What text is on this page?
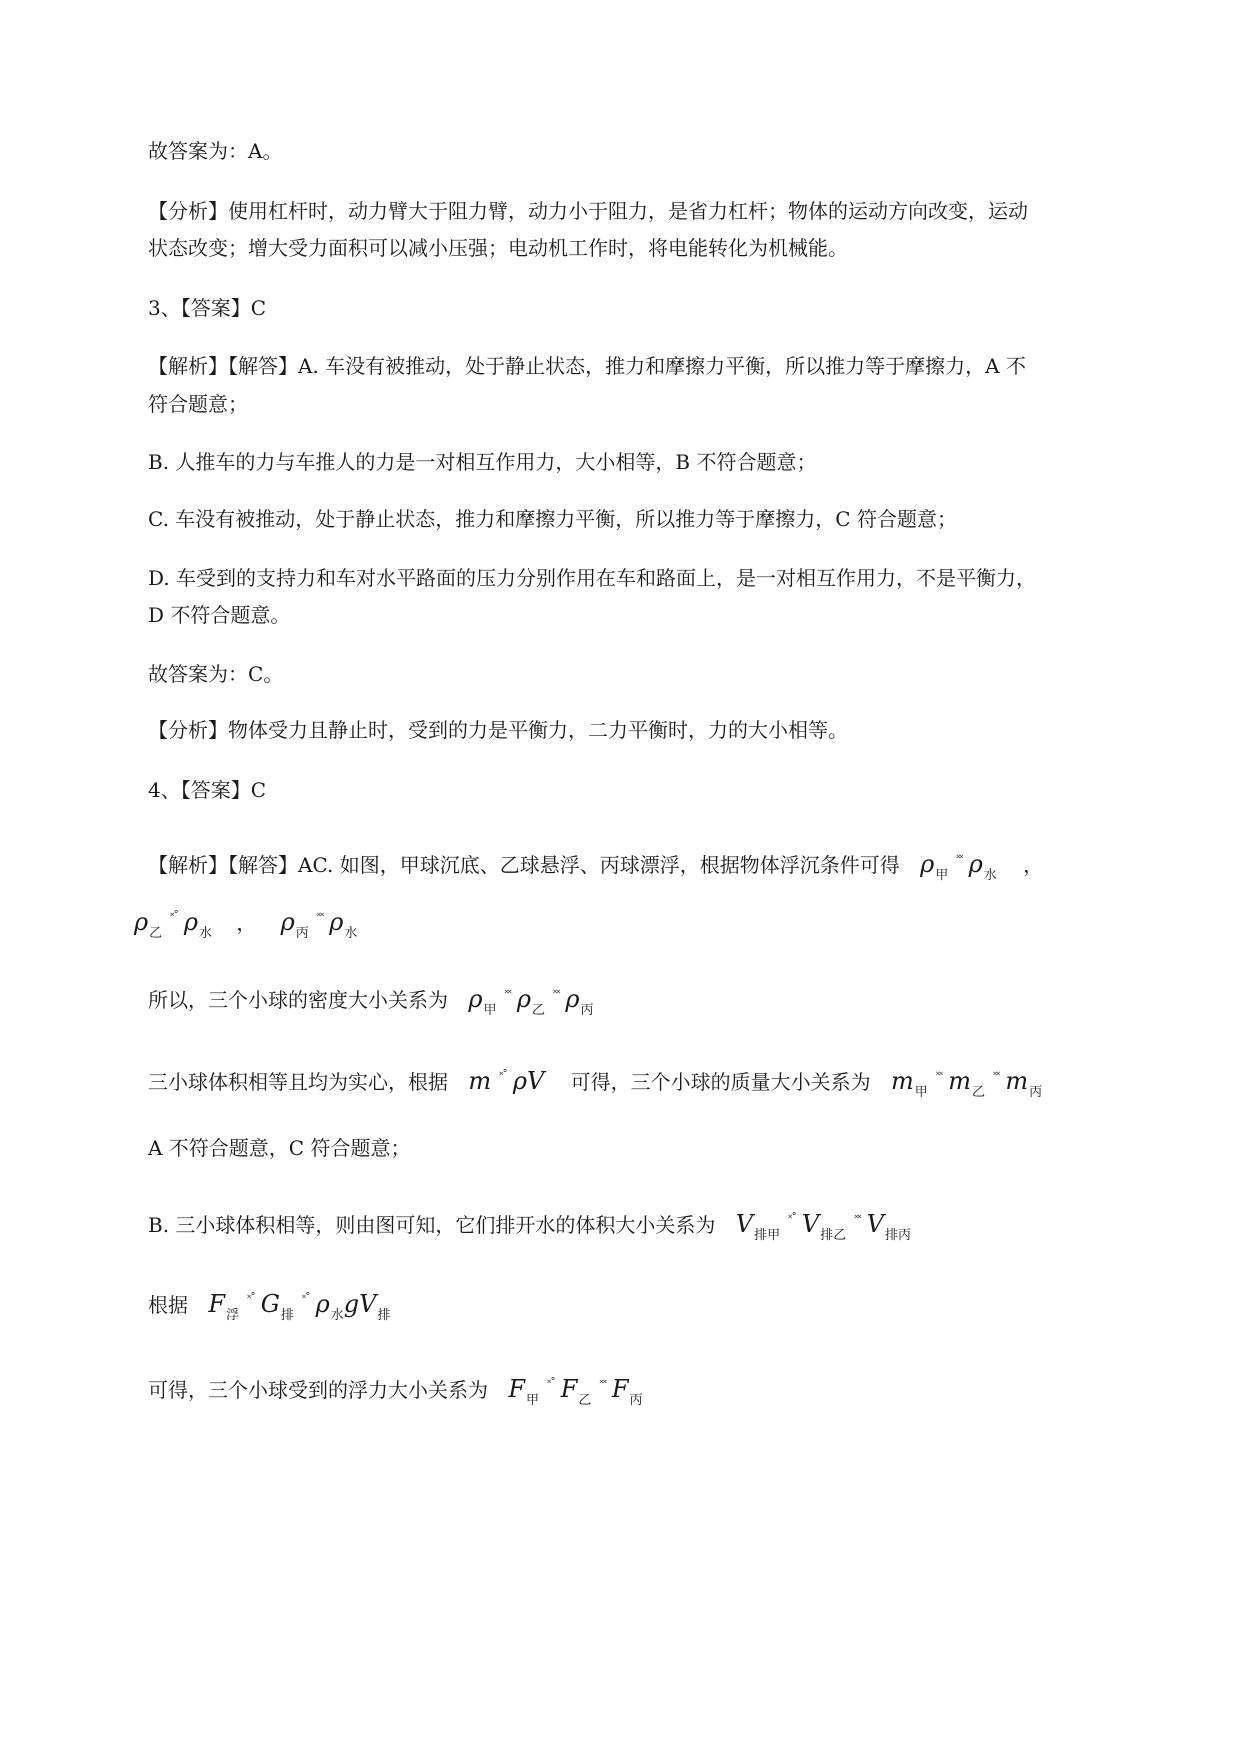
故答案为：A。
【分析】使用杠杆时，动力臂大于阻力臂，动力小于阻力，是省力杠杆；物体的运动方向改变，运动
状态改变；增大受力面积可以减小压强；电动机工作时，将电能转化为机械能。
3、【答案】C
【解析】【解答】A. 车没有被推动，处于静止状态，推力和摩擦力平衡，所以推力等于摩擦力，A 不
符合题意；
B. 人推车的力与车推人的力是一对相互作用力，大小相等，B 不符合题意；
C. 车没有被推动，处于静止状态，推力和摩擦力平衡，所以推力等于摩擦力，C 符合题意；
D. 车受到的支持力和车对水平路面的压力分别作用在车和路面上，是一对相互作用力，不是平衡力，
D 不符合题意。
故答案为：C。
【分析】物体受力且静止时，受到的力是平衡力，二力平衡时，力的大小相等。
4、【答案】C
【解析】【解答】AC. 如图，甲球沉底、乙球悬浮、丙球漂浮，根据物体浮沉条件可得 $\rho_甲^{˟˟}$ $\rho_水$ ，
$\rho_乙^{˟˚}$ $\rho_水$ ， $\rho_丙^{˟˟}$ $\rho_水$
所以，三个小球的密度大小关系为 $\rho_甲^{˟˟}$ $\rho_乙^{˟˟}$ $\rho_丙$
三小球体积相等且均为实心，根据 m ˟˚ ρV 可得，三个小球的质量大小关系为 $m_甲^{˟˟}$ $m_乙^{˟˟}$ $m_丙$
A 不符合题意，C 符合题意；
B. 三小球体积相等，则由图可知，它们排开水的体积大小关系为 $V_{排甲}^{˟˚}$ $V_{排乙}^{˟˟}$ $V_{排丙}$
根据 $F_浮^{˟˚}$ $G_排^{˟˚}$ $\rho_水gV_排$
可得，三个小球受到的浮力大小关系为 $F_甲^{˟˚}$ $F_乙^{˟˟}$ $F_丙$
